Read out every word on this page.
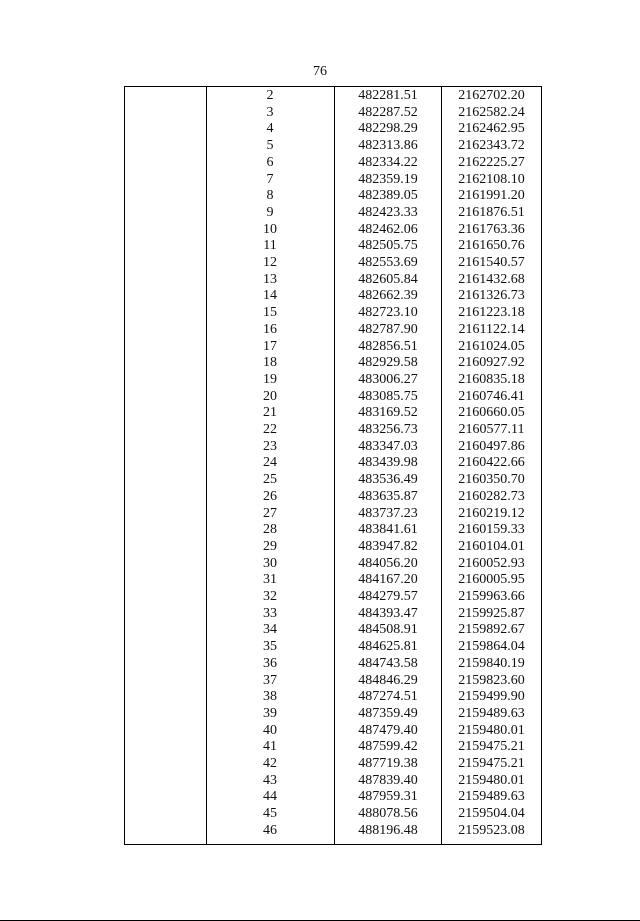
76
2	482281.51	2162702.20
3	482287.52	2162582.24
4	482298.29	2162462.95
5	482313.86	2162343.72
6	482334.22	2162225.27
7	482359.19	2162108.10
8	482389.05	2161991.20
9	482423.33	2161876.51
10	482462.06	2161763.36
11	482505.75	2161650.76
12	482553.69	2161540.57
13	482605.84	2161432.68
14	482662.39	2161326.73
15	482723.10	2161223.18
16	482787.90	2161122.14
17	482856.51	2161024.05
18	482929.58	2160927.92
19	483006.27	2160835.18
20	483085.75	2160746.41
21	483169.52	2160660.05
22	483256.73	2160577.11
23	483347.03	2160497.86
24	483439.98	2160422.66
25	483536.49	2160350.70
26	483635.87	2160282.73
27	483737.23	2160219.12
28	483841.61	2160159.33
29	483947.82	2160104.01
30	484056.20	2160052.93
31	484167.20	2160005.95
32	484279.57	2159963.66
33	484393.47	2159925.87
34	484508.91	2159892.67
35	484625.81	2159864.04
36	484743.58	2159840.19
37	484846.29	2159823.60
38	487274.51	2159499.90
39	487359.49	2159489.63
40	487479.40	2159480.01
41	487599.42	2159475.21
42	487719.38	2159475.21
43	487839.40	2159480.01
44	487959.31	2159489.63
45	488078.56	2159504.04
46	488196.48	2159523.08
